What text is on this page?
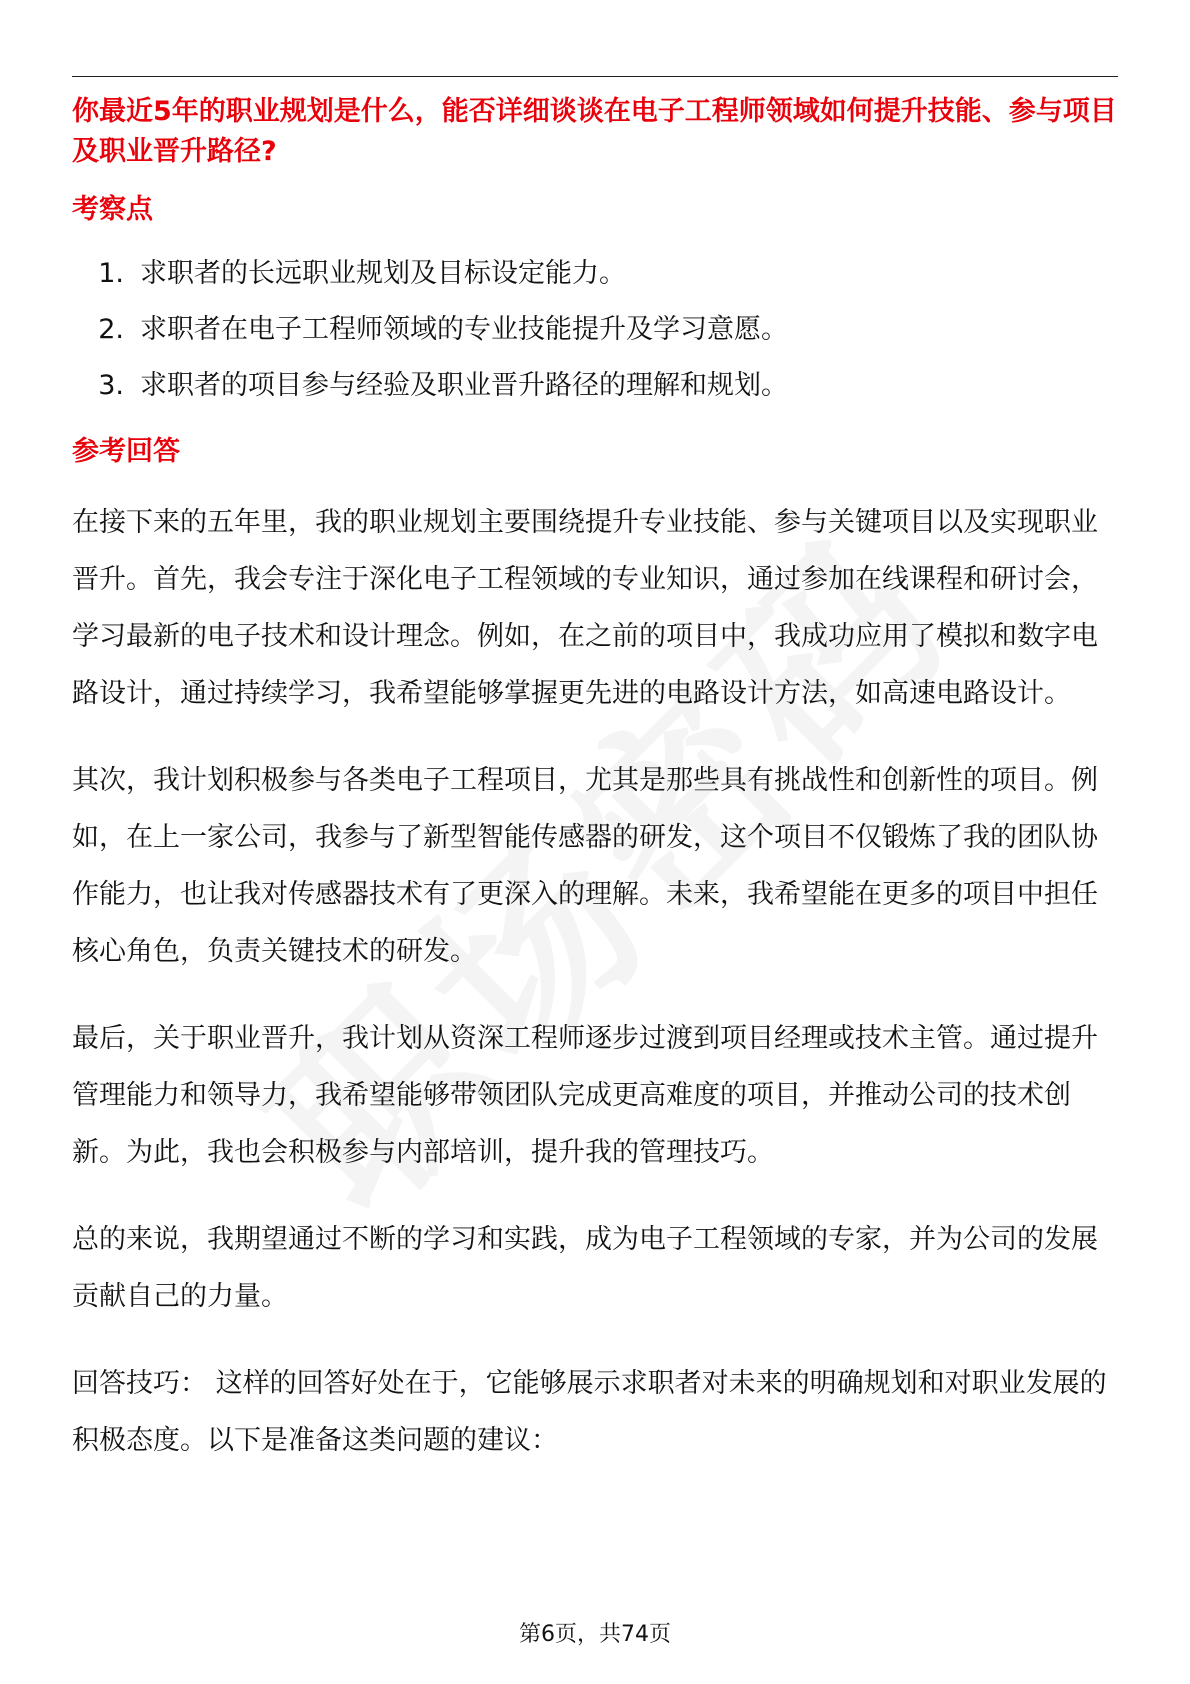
你最近5年的职业规划是什么，能否详细谈谈在电子工程师领域如何提升技能、参与项目及职业晋升路径?

考察点

1. 求职者的长远职业规划及目标设定能力。
2. 求职者在电子工程师领域的专业技能提升及学习意愿。
3. 求职者的项目参与经验及职业晋升路径的理解和规划。

参考回答

在接下来的五年里，我的职业规划主要围绕提升专业技能、参与关键项目以及实现职业晋升。首先，我会专注于深化电子工程领域的专业知识，通过参加在线课程和研讨会，学习最新的电子技术和设计理念。例如，在之前的项目中，我成功应用了模拟和数字电路设计，通过持续学习，我希望能够掌握更先进的电路设计方法，如高速电路设计。

其次，我计划积极参与各类电子工程项目，尤其是那些具有挑战性和创新性的项目。例如，在上一家公司，我参与了新型智能传感器的研发，这个项目不仅锻炼了我的团队协作能力，也让我对传感器技术有了更深入的理解。未来，我希望能在更多的项目中担任核心角色，负责关键技术的研发。

最后，关于职业晋升，我计划从资深工程师逐步过渡到项目经理或技术主管。通过提升管理能力和领导力，我希望能够带领团队完成更高难度的项目，并推动公司的技术创新。为此，我也会积极参与内部培训，提升我的管理技巧。

总的来说，我期望通过不断的学习和实践，成为电子工程领域的专家，并为公司的发展贡献自己的力量。

回答技巧： 这样的回答好处在于，它能够展示求职者对未来的明确规划和对职业发展的积极态度。以下是准备这类问题的建议：

第6页，共74页
